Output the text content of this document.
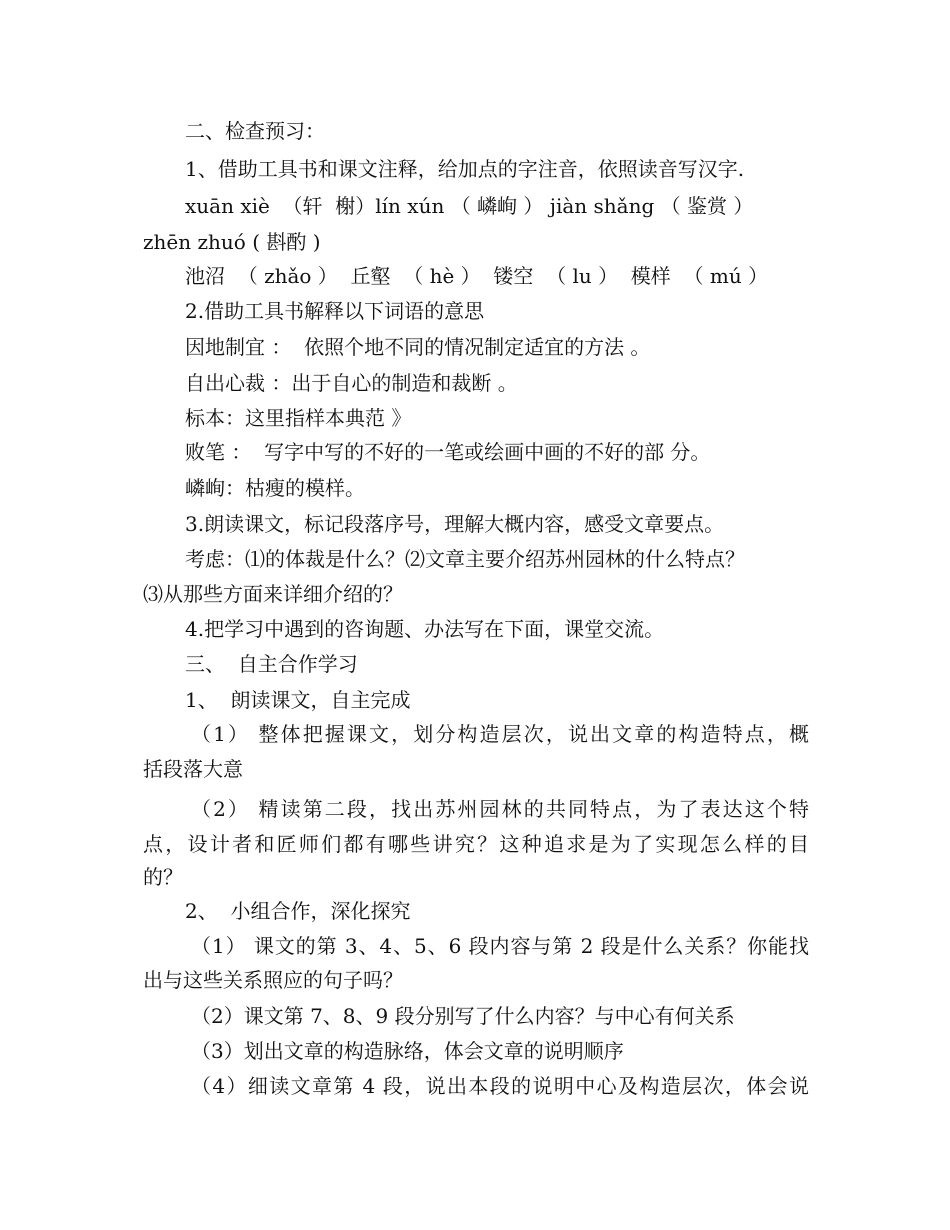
二、检查预习：
1、借助工具书和课文注释，给加点的字注音，依照读音写汉字.
xuān xiè  （轩  榭）lín xún （ 嶙峋 ） jiàn shǎng （ 鉴赏 ）
zhēn zhuó ( 斟酌 )
池沼  （ zhǎo ）  丘壑  （ hè ）  镂空  （ lu ）  模样  （ mú ）
2.借助工具书解释以下词语的意思
因地制宜 ：  依照个地不同的情况制定适宜的方法 。
自出心裁 ：出于自心的制造和裁断 。
标本：这里指样本典范 》
败笔 ：  写字中写的不好的一笔或绘画中画的不好的部 分。
嶙峋：枯瘦的模样。
3.朗读课文，标记段落序号，理解大概内容，感受文章要点。
考虑：⑴的体裁是什么？⑵文章主要介绍苏州园林的什么特点？
⑶从那些方面来详细介绍的？
4.把学习中遇到的咨询题、办法写在下面，课堂交流。
三、  自主合作学习
1、  朗读课文，自主完成
（1） 整体把握课文，划分构造层次，说出文章的构造特点，概
括段落大意
（2） 精读第二段，找出苏州园林的共同特点，为了表达这个特
点，设计者和匠师们都有哪些讲究？这种追求是为了实现怎么样的目
的？
2、  小组合作，深化探究
（1） 课文的第 3、4、5、6 段内容与第 2 段是什么关系？你能找
出与这些关系照应的句子吗？
（2）课文第 7、8、9 段分别写了什么内容？与中心有何关系
（3）划出文章的构造脉络，体会文章的说明顺序
（4）细读文章第 4 段，说出本段的说明中心及构造层次，体会说
